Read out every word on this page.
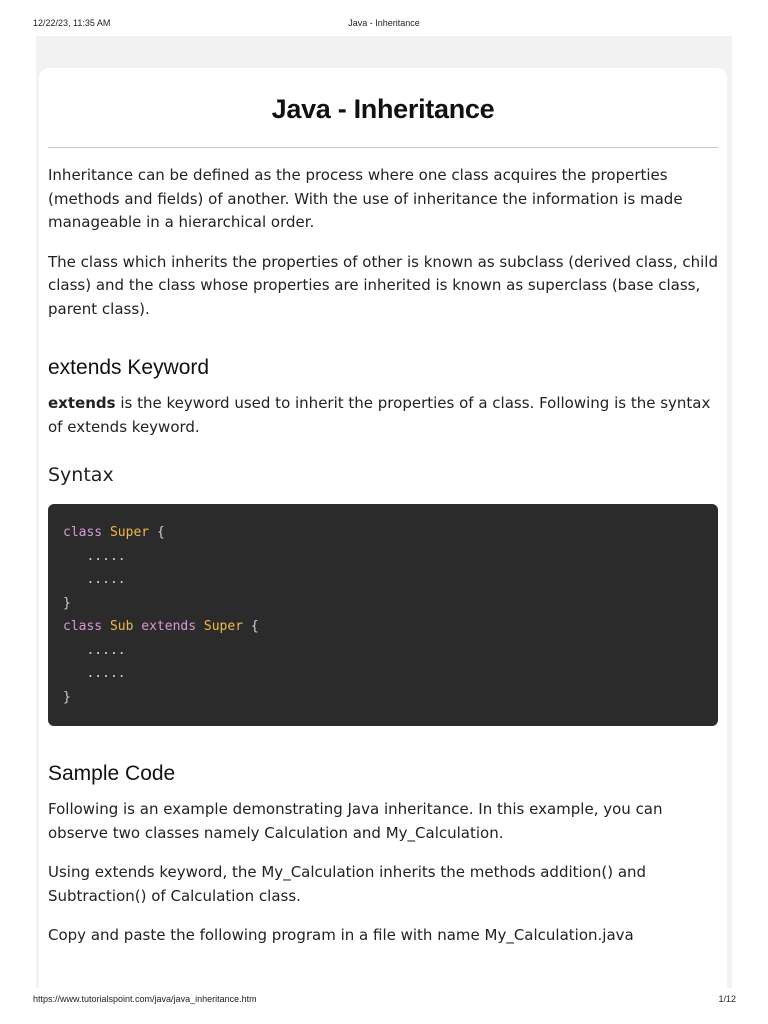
12/22/23, 11:35 AM	Java - Inheritance
Java - Inheritance

Inheritance can be defined as the process where one class acquires the properties (methods and fields) of another. With the use of inheritance the information is made manageable in a hierarchical order.

The class which inherits the properties of other is known as subclass (derived class, child class) and the class whose properties are inherited is known as superclass (base class, parent class).

extends Keyword

extends is the keyword used to inherit the properties of a class. Following is the syntax of extends keyword.

Syntax
class Super {
.....
.....
}
class Sub extends Super {
.....
.....
}
Sample Code

Following is an example demonstrating Java inheritance. In this example, you can observe two classes namely Calculation and My_Calculation.

Using extends keyword, the My_Calculation inherits the methods addition() and Subtraction() of Calculation class.

Copy and paste the following program in a file with name My_Calculation.java

https://www.tutorialspoint.com/java/java_inheritance.htm	1/12
